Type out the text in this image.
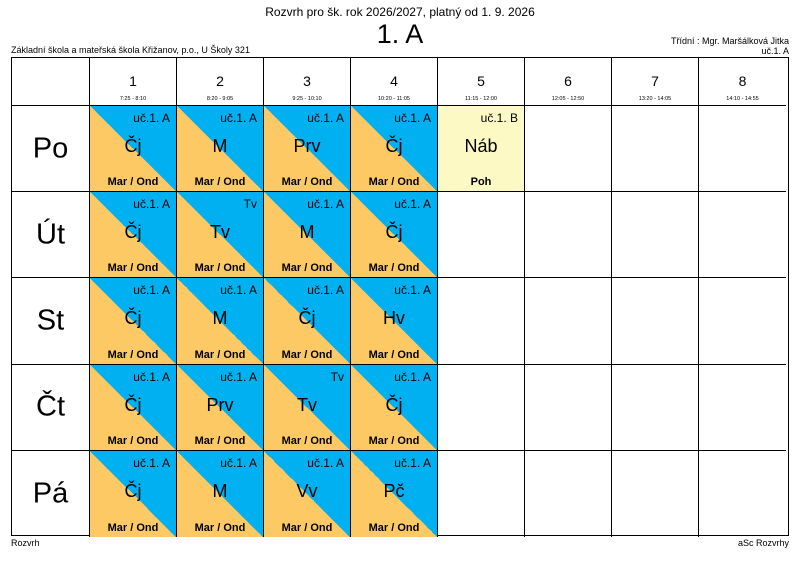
Rozvrh pro šk. rok 2026/2027, platný od 1. 9. 2026
1. A
Základní škola a mateřská škola Křižanov, p.o., U Školy 321
Třídní : Mgr. Maršálková Jitka
uč.1. A
1
7:25 - 8:10
2
8:20 - 9:05
3
9:25 - 10:10
4
10:20 - 11:05
5
11:15 - 12:00
6
12:05 - 12:50
7
13:20 - 14:05
8
14:10 - 14:55
Po
uč.1. A
Čj
Mar / Ond
uč.1. A
M
Mar / Ond
uč.1. A
Prv
Mar / Ond
uč.1. A
Čj
Mar / Ond
uč.1. B
Náb
Poh
Út
uč.1. A
Čj
Mar / Ond
Tv
Tv
Mar / Ond
uč.1. A
M
Mar / Ond
uč.1. A
Čj
Mar / Ond
St
uč.1. A
Čj
Mar / Ond
uč.1. A
M
Mar / Ond
uč.1. A
Čj
Mar / Ond
uč.1. A
Hv
Mar / Ond
Čt
uč.1. A
Čj
Mar / Ond
uč.1. A
Prv
Mar / Ond
Tv
Tv
Mar / Ond
uč.1. A
Čj
Mar / Ond
Pá
uč.1. A
Čj
Mar / Ond
uč.1. A
M
Mar / Ond
uč.1. A
Vv
Mar / Ond
uč.1. A
Pč
Mar / Ond
Rozvrh	aSc Rozvrhy
